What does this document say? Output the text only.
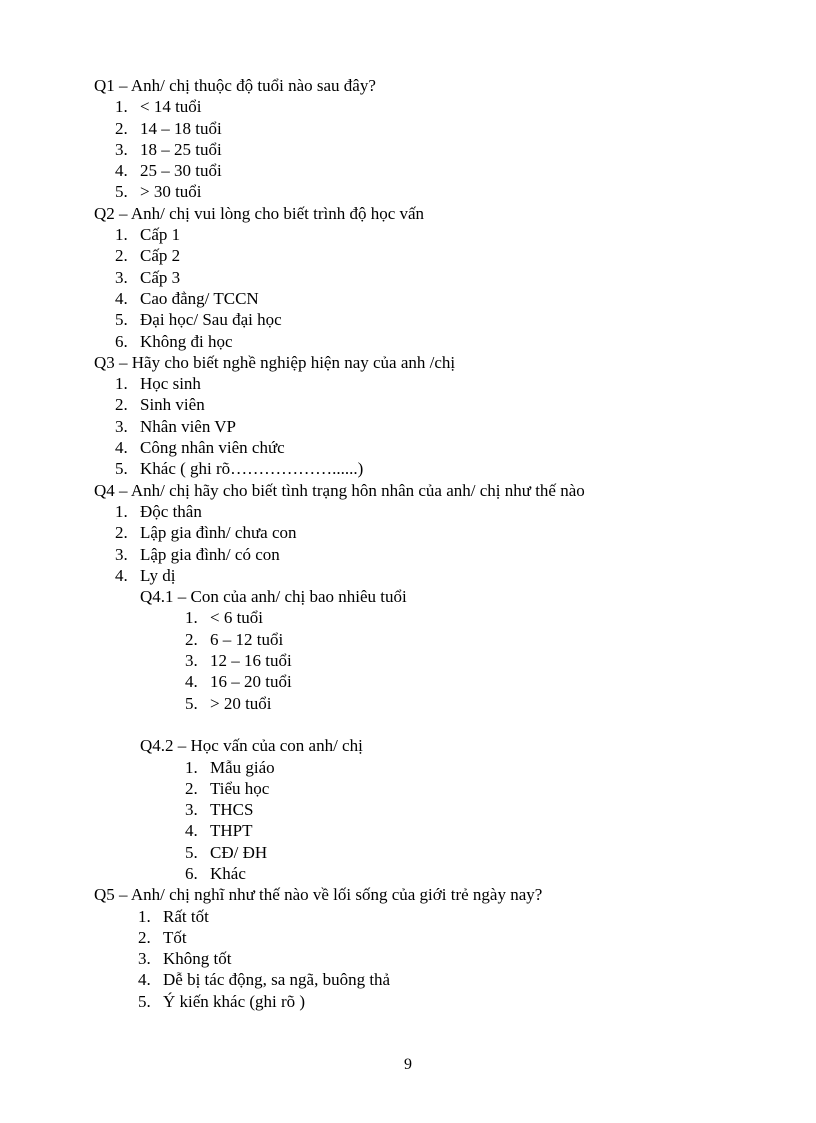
Q1 – Anh/ chị thuộc độ tuổi nào sau đây?
1. < 14 tuổi
2. 14 – 18 tuổi
3. 18 – 25 tuổi
4. 25 – 30 tuổi
5. > 30 tuổi
Q2 – Anh/ chị vui lòng cho biết trình độ học vấn
1. Cấp 1
2. Cấp 2
3. Cấp 3
4. Cao đẳng/ TCCN
5. Đại học/ Sau đại học
6. Không đi học
Q3 – Hãy cho biết nghề nghiệp hiện nay của anh /chị
1. Học sinh
2. Sinh viên
3. Nhân viên VP
4. Công nhân viên chức
5. Khác ( ghi rõ………………......)
Q4 – Anh/ chị hãy cho biết tình trạng hôn nhân của anh/ chị như thế nào
1. Độc thân
2. Lập gia đình/ chưa con
3. Lập gia đình/ có con
4. Ly dị
Q4.1 – Con của anh/ chị bao nhiêu tuổi
1. < 6 tuổi
2. 6 – 12 tuổi
3. 12 – 16 tuổi
4. 16 – 20 tuổi
5. > 20 tuổi
Q4.2 – Học vấn của con anh/ chị
1. Mẫu giáo
2. Tiểu học
3. THCS
4. THPT
5. CĐ/ ĐH
6. Khác
Q5 – Anh/ chị nghĩ như thế nào về lối sống của giới trẻ ngày nay?
1. Rất tốt
2. Tốt
3. Không tốt
4. Dễ bị tác động, sa ngã, buông thả
5. Ý kiến khác (ghi rõ )
9
